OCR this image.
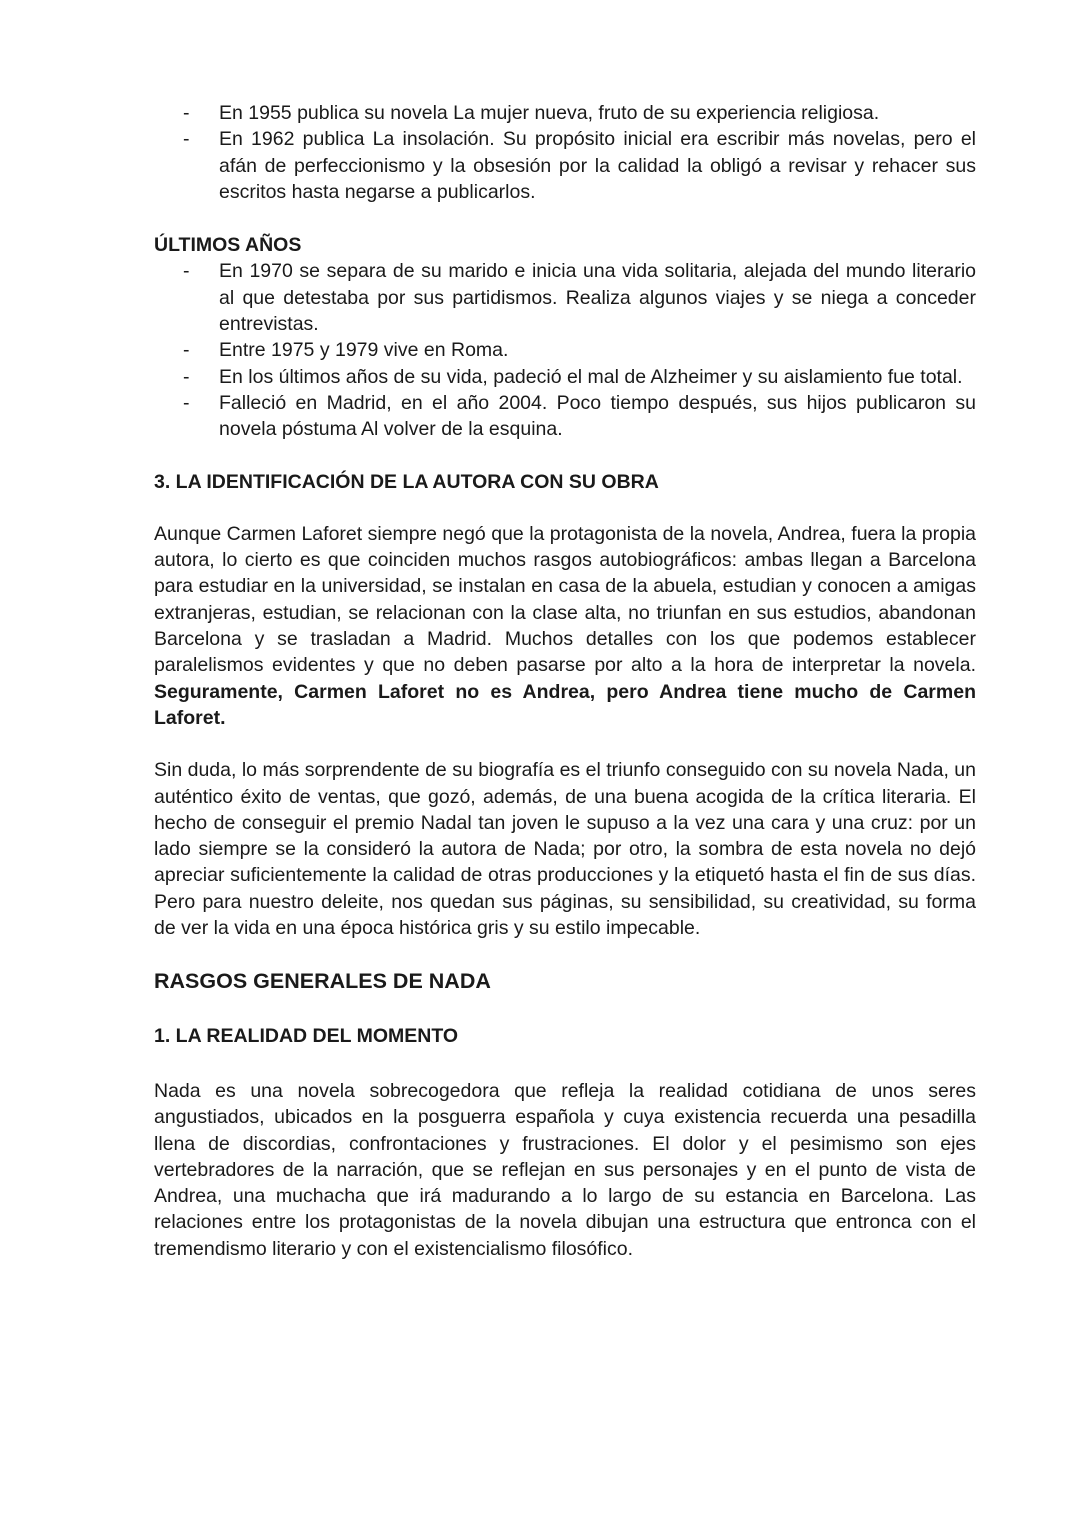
- En 1955 publica su novela La mujer nueva, fruto de su experiencia religiosa.
- En 1962 publica La insolación. Su propósito inicial era escribir más novelas, pero el afán de perfeccionismo y la obsesión por la calidad la obligó a revisar y rehacer sus escritos hasta negarse a publicarlos.
ÚLTIMOS AÑOS
- En 1970 se separa de su marido e inicia una vida solitaria, alejada del mundo literario al que detestaba por sus partidismos. Realiza algunos viajes y se niega a conceder entrevistas.
- Entre 1975 y 1979 vive en Roma.
- En los últimos años de su vida, padeció el mal de Alzheimer y su aislamiento fue total.
- Falleció en Madrid, en el año 2004. Poco tiempo después, sus hijos publicaron su novela póstuma Al volver de la esquina.
3. LA IDENTIFICACIÓN DE LA AUTORA CON SU OBRA

Aunque Carmen Laforet siempre negó que la protagonista de la novela, Andrea, fuera la propia autora, lo cierto es que coinciden muchos rasgos autobiográficos: ambas llegan a Barcelona para estudiar en la universidad, se instalan en casa de la abuela, estudian y conocen a amigas extranjeras, estudian, se relacionan con la clase alta, no triunfan en sus estudios, abandonan Barcelona y se trasladan a Madrid. Muchos detalles con los que podemos establecer paralelismos evidentes y que no deben pasarse por alto a la hora de interpretar la novela. Seguramente, Carmen Laforet no es Andrea, pero Andrea tiene mucho de Carmen Laforet.

Sin duda, lo más sorprendente de su biografía es el triunfo conseguido con su novela Nada, un auténtico éxito de ventas, que gozó, además, de una buena acogida de la crítica literaria. El hecho de conseguir el premio Nadal tan joven le supuso a la vez una cara y una cruz: por un lado siempre se la consideró la autora de Nada; por otro, la sombra de esta novela no dejó apreciar suficientemente la calidad de otras producciones y la etiquetó hasta el fin de sus días. Pero para nuestro deleite, nos quedan sus páginas, su sensibilidad, su creatividad, su forma de ver la vida en una época histórica gris y su estilo impecable.

RASGOS GENERALES DE NADA
1. LA REALIDAD DEL MOMENTO

Nada es una novela sobrecogedora que refleja la realidad cotidiana de unos seres angustiados, ubicados en la posguerra española y cuya existencia recuerda una pesadilla llena de discordias, confrontaciones y frustraciones. El dolor y el pesimismo son ejes vertebradores de la narración, que se reflejan en sus personajes y en el punto de vista de Andrea, una muchacha que irá madurando a lo largo de su estancia en Barcelona. Las relaciones entre los protagonistas de la novela dibujan una estructura que entronca con el tremendismo literario y con el existencialismo filosófico.
